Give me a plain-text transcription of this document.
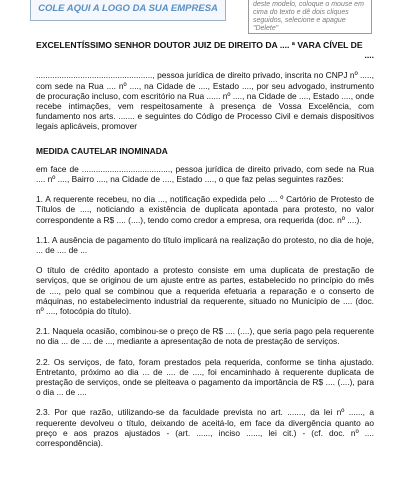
COLE AQUI A LOGO DA SUA EMPRESA	deste modelo, coloque o mouse em cima do texto e dê dois cliques seguidos, selecione e apague "Delete"
EXCELENTÍSSIMO SENHOR DOUTOR JUIZ DE DIREITO DA .... ª VARA CÍVEL DE
....

.................................................., pessoa jurídica de direito privado, inscrita no CNPJ nº ....., com sede na Rua .... nº ...., na Cidade de ...., Estado ...., por seu advogado, instrumento de procuração incluso, com escritório na Rua ...... nº ...., na Cidade de ...., Estado ...., onde recebe intimações, vem respeitosamente à presença de Vossa Excelência, com fundamento nos arts. ....... e seguintes do Código de Processo Civil e demais dispositivos legais aplicáveis, promover

MEDIDA CAUTELAR INOMINADA

em face de ......................................, pessoa jurídica de direito privado, com sede na Rua .... nº ...., Bairro ...., na Cidade de ...., Estado ...., o que faz pelas seguintes razões:

1. A requerente recebeu, no dia ..., notificação expedida pelo .... º Cartório de Protesto de Títulos de ...., noticiando a existência de duplicata apontada para protesto, no valor correspondente a R$ .... (....), tendo como credor a empresa, ora requerida (doc. nº ....).

1.1. A ausência de pagamento do título implicará na realização do protesto, no dia de hoje, ... de .... de ...

O título de crédito apontado a protesto consiste em uma duplicata de prestação de serviços, que se originou de um ajuste entre as partes, estabelecido no princípio do mês de ...., pelo qual se combinou que a requerida efetuaria a reparação e o conserto de máquinas, no estabelecimento industrial da requerente, situado no Município de .... (doc. nº ...., fotocópia do título).

2.1. Naquela ocasião, combinou-se o preço de R$ .... (....), que seria pago pela requerente no dia ... de .... de ..., mediante a apresentação de nota de prestação de serviços.

2.2. Os serviços, de fato, foram prestados pela requerida, conforme se tinha ajustado. Entretanto, próximo ao dia ... de .... de ...., foi encaminhado à requerente duplicata de prestação de serviços, onde se pleiteava o pagamento da importância de R$ .... (....), para o dia ... de ....

2.3. Por que razão, utilizando-se da faculdade prevista no art. ......., da lei nº ......, a requerente devolveu o título, deixando de aceitá-lo, em face da divergência quanto ao preço e aos prazos ajustados - (art. ......, inciso ......, lei cit.) - (cf. doc. nº .... correspondência).
